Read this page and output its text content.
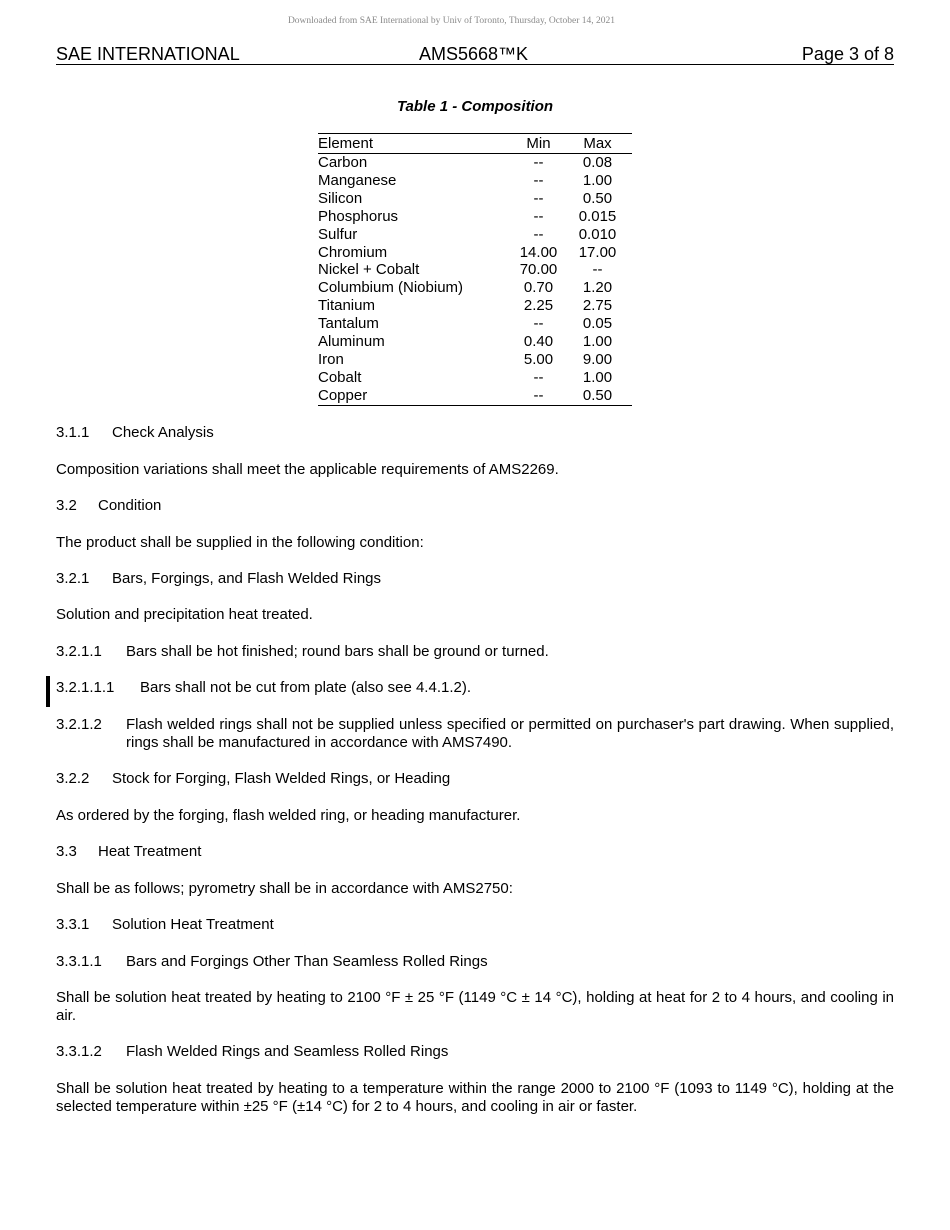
Downloaded from SAE International by Univ of Toronto, Thursday, October 14, 2021
SAE INTERNATIONAL	AMS5668™K	Page 3 of 8
Table 1 - Composition
Element	Min	Max
Carbon	--	0.08
Manganese	--	1.00
Silicon	--	0.50
Phosphorus	--	0.015
Sulfur	--	0.010
Chromium	14.00	17.00
Nickel + Cobalt	70.00	--
Columbium (Niobium)	0.70	1.20
Titanium	2.25	2.75
Tantalum	--	0.05
Aluminum	0.40	1.00
Iron	5.00	9.00
Cobalt	--	1.00
Copper	--	0.50

3.1.1 Check Analysis

Composition variations shall meet the applicable requirements of AMS2269.

3.2 Condition

The product shall be supplied in the following condition:

3.2.1 Bars, Forgings, and Flash Welded Rings

Solution and precipitation heat treated.

3.2.1.1 Bars shall be hot finished; round bars shall be ground or turned.

3.2.1.1.1 Bars shall not be cut from plate (also see 4.4.1.2).

3.2.1.2 Flash welded rings shall not be supplied unless specified or permitted on purchaser's part drawing. When supplied, rings shall be manufactured in accordance with AMS7490.

3.2.2 Stock for Forging, Flash Welded Rings, or Heading

As ordered by the forging, flash welded ring, or heading manufacturer.

3.3 Heat Treatment

Shall be as follows; pyrometry shall be in accordance with AMS2750:

3.3.1 Solution Heat Treatment

3.3.1.1 Bars and Forgings Other Than Seamless Rolled Rings

Shall be solution heat treated by heating to 2100 °F ± 25 °F (1149 °C ± 14 °C), holding at heat for 2 to 4 hours, and cooling in air.

3.3.1.2 Flash Welded Rings and Seamless Rolled Rings

Shall be solution heat treated by heating to a temperature within the range 2000 to 2100 °F (1093 to 1149 °C), holding at the selected temperature within ±25 °F (±14 °C) for 2 to 4 hours, and cooling in air or faster.
